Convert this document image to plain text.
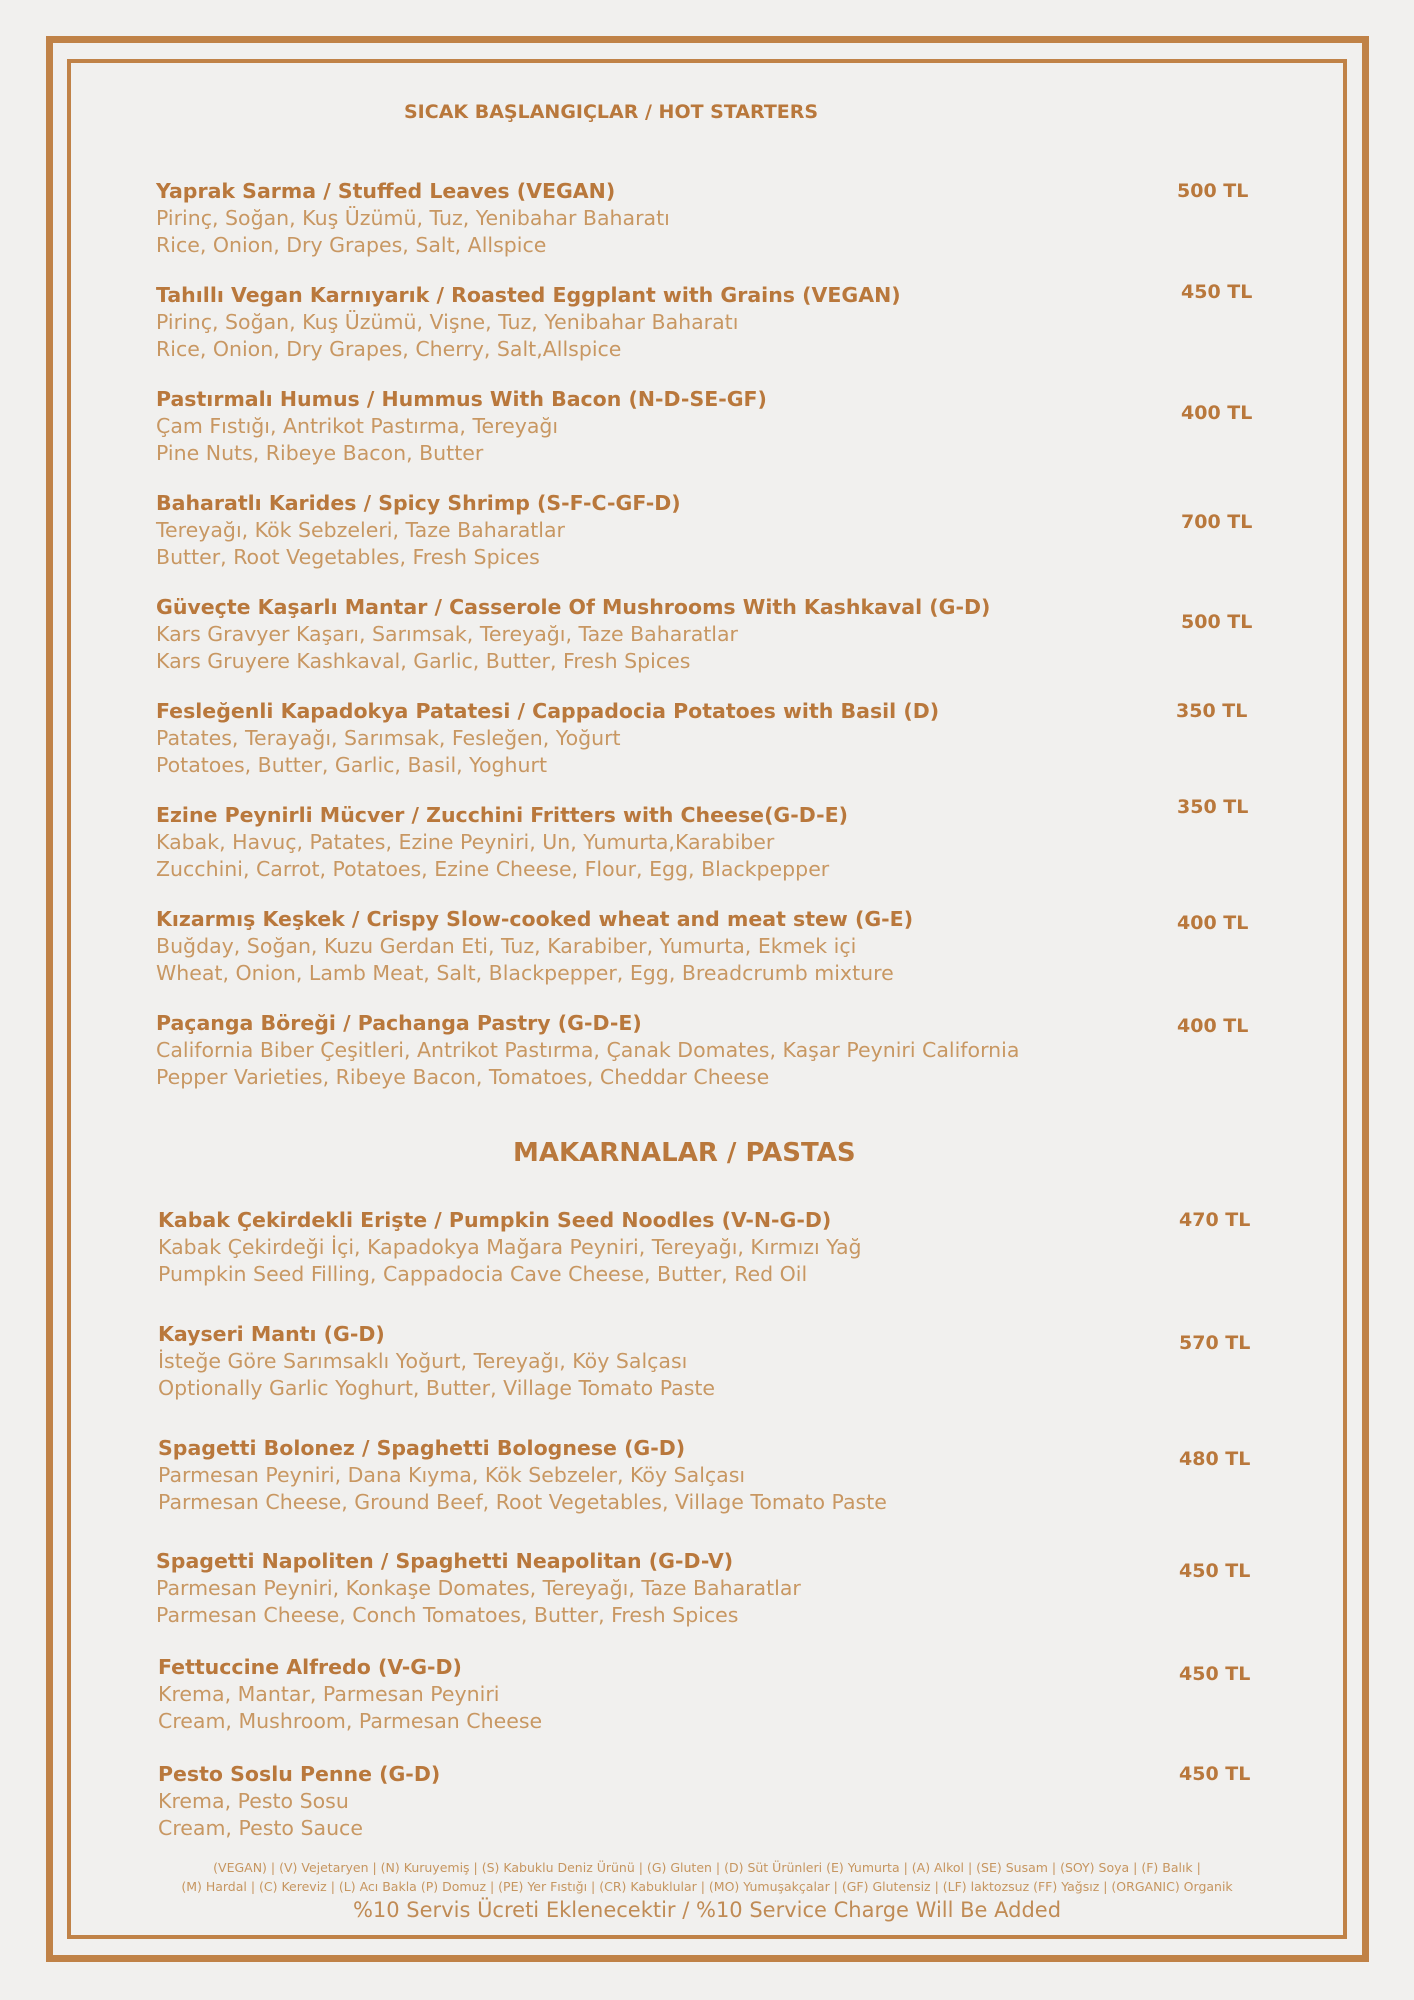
SICAK BAŞLANGIÇLAR / HOT STARTERS
Yaprak Sarma / Stuffed Leaves (VEGAN)
Pirinç, Soğan, Kuş Üzümü, Tuz, Yenibahar Baharatı
Rice, Onion, Dry Grapes, Salt, Allspice
500 TL
Tahıllı Vegan Karnıyarık / Roasted Eggplant with Grains (VEGAN)
Pirinç, Soğan, Kuş Üzümü, Vişne, Tuz, Yenibahar Baharatı
Rice, Onion, Dry Grapes, Cherry, Salt,Allspice
450 TL
Pastırmalı Humus / Hummus With Bacon (N-D-SE-GF)
Çam Fıstığı, Antrikot Pastırma, Tereyağı
Pine Nuts, Ribeye Bacon, Butter
400 TL
Baharatlı Karides / Spicy Shrimp (S-F-C-GF-D)
Tereyağı, Kök Sebzeleri, Taze Baharatlar
Butter, Root Vegetables, Fresh Spices
700 TL
Güveçte Kaşarlı Mantar / Casserole Of Mushrooms With Kashkaval (G-D)
Kars Gravyer Kaşarı, Sarımsak, Tereyağı, Taze Baharatlar
Kars Gruyere Kashkaval, Garlic, Butter, Fresh Spices
500 TL
Fesleğenli Kapadokya Patatesi / Cappadocia Potatoes with Basil (D)
Patates, Terayağı, Sarımsak, Fesleğen, Yoğurt
Potatoes, Butter, Garlic, Basil, Yoghurt
350 TL
Ezine Peynirli Mücver / Zucchini Fritters with Cheese(G-D-E)
Kabak, Havuç, Patates, Ezine Peyniri, Un, Yumurta,Karabiber
Zucchini, Carrot, Potatoes, Ezine Cheese, Flour, Egg, Blackpepper
350 TL
Kızarmış Keşkek / Crispy Slow-cooked wheat and meat stew (G-E)
Buğday, Soğan, Kuzu Gerdan Eti, Tuz, Karabiber, Yumurta, Ekmek içi
Wheat, Onion, Lamb Meat, Salt, Blackpepper, Egg, Breadcrumb mixture
400 TL
Paçanga Böreği / Pachanga Pastry (G-D-E)
California Biber Çeşitleri, Antrikot Pastırma, Çanak Domates, Kaşar Peyniri California
Pepper Varieties, Ribeye Bacon, Tomatoes, Cheddar Cheese
400 TL
MAKARNALAR / PASTAS
Kabak Çekirdekli Erişte / Pumpkin Seed Noodles (V-N-G-D)
Kabak Çekirdeği İçi, Kapadokya Mağara Peyniri, Tereyağı, Kırmızı Yağ
Pumpkin Seed Filling, Cappadocia Cave Cheese, Butter, Red Oil
470 TL
Kayseri Mantı (G-D)
İsteğe Göre Sarımsaklı Yoğurt, Tereyağı, Köy Salçası
Optionally Garlic Yoghurt, Butter, Village Tomato Paste
570 TL
Spagetti Bolonez / Spaghetti Bolognese (G-D)
Parmesan Peyniri, Dana Kıyma, Kök Sebzeler, Köy Salçası
Parmesan Cheese, Ground Beef, Root Vegetables, Village Tomato Paste
480 TL
Spagetti Napoliten / Spaghetti Neapolitan (G-D-V)
Parmesan Peyniri, Konkaşe Domates, Tereyağı, Taze Baharatlar
Parmesan Cheese, Conch Tomatoes, Butter, Fresh Spices
450 TL
Fettuccine Alfredo (V-G-D)
Krema, Mantar, Parmesan Peyniri
Cream, Mushroom, Parmesan Cheese
450 TL
Pesto Soslu Penne (G-D)
Krema, Pesto Sosu
Cream, Pesto Sauce
450 TL
(VEGAN) | (V) Vejetaryen | (N) Kuruyemiş | (S) Kabuklu Deniz Ürünü | (G) Gluten | (D) Süt Ürünleri (E) Yumurta | (A) Alkol | (SE) Susam | (SOY) Soya | (F) Balık |
(M) Hardal | (C) Kereviz | (L) Acı Bakla (P) Domuz | (PE) Yer Fıstığı | (CR) Kabuklular | (MO) Yumuşakçalar | (GF) Glutensiz | (LF) laktozsuz (FF) Yağsız | (ORGANIC) Organik
%10 Servis Ücreti Eklenecektir / %10 Service Charge Will Be Added
